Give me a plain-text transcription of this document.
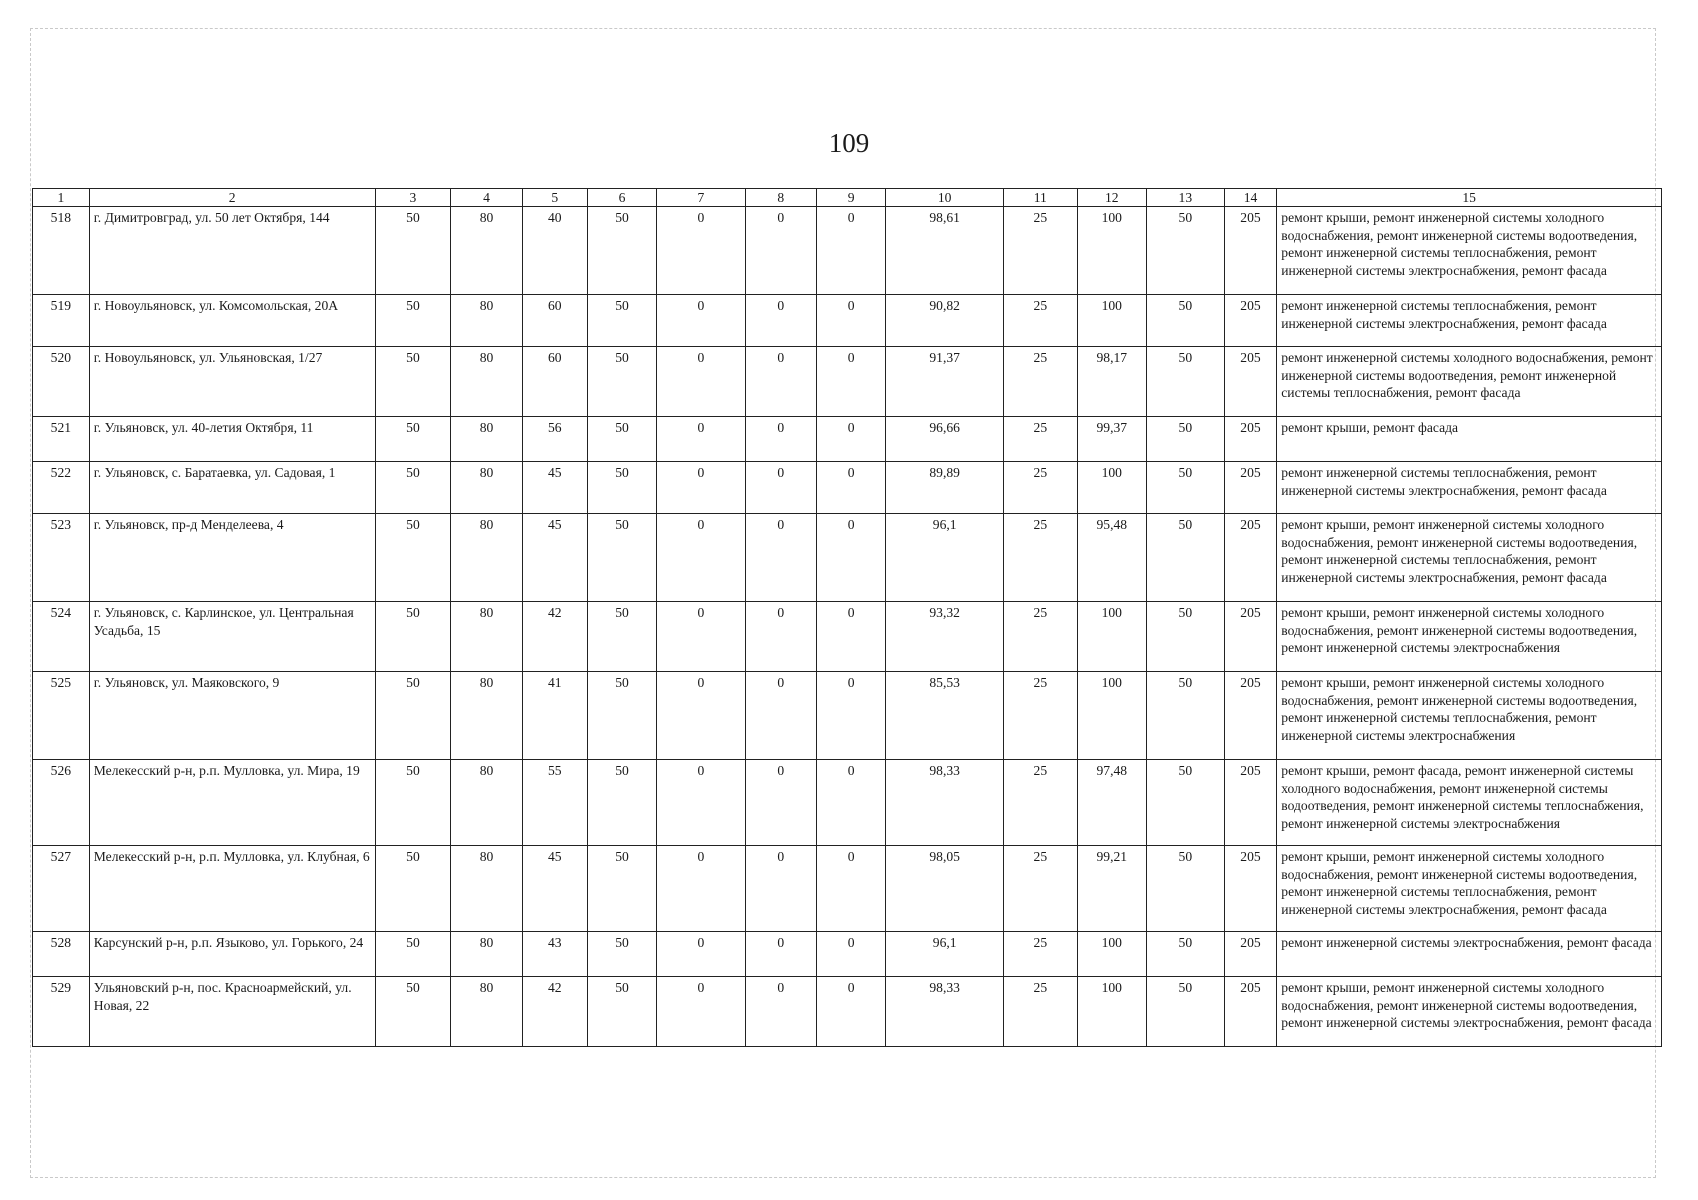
109
1	2	3	4	5	6	7	8	9	10	11	12	13	14	15
518	г. Димитровград, ул. 50 лет Октября, 144	50	80	40	50	0	0	0	98,61	25	100	50	205	ремонт крыши, ремонт инженерной системы холодного водоснабжения, ремонт инженерной системы водоотведения, ремонт инженерной системы теплоснабжения, ремонт инженерной системы электроснабжения, ремонт фасада
519	г. Новоульяновск, ул. Комсомольская, 20А	50	80	60	50	0	0	0	90,82	25	100	50	205	ремонт инженерной системы теплоснабжения, ремонт инженерной системы электроснабжения, ремонт фасада
520	г. Новоульяновск, ул. Ульяновская, 1/27	50	80	60	50	0	0	0	91,37	25	98,17	50	205	ремонт инженерной системы холодного водоснабжения, ремонт инженерной системы водоотведения, ремонт инженерной системы теплоснабжения, ремонт фасада
521	г. Ульяновск, ул. 40-летия Октября, 11	50	80	56	50	0	0	0	96,66	25	99,37	50	205	ремонт крыши, ремонт фасада
522	г. Ульяновск, с. Баратаевка, ул. Садовая, 1	50	80	45	50	0	0	0	89,89	25	100	50	205	ремонт инженерной системы теплоснабжения, ремонт инженерной системы электроснабжения, ремонт фасада
523	г. Ульяновск, пр-д Менделеева, 4	50	80	45	50	0	0	0	96,1	25	95,48	50	205	ремонт крыши, ремонт инженерной системы холодного водоснабжения, ремонт инженерной системы водоотведения, ремонт инженерной системы теплоснабжения, ремонт инженерной системы электроснабжения, ремонт фасада
524	г. Ульяновск, с. Карлинское, ул. Центральная Усадьба, 15	50	80	42	50	0	0	0	93,32	25	100	50	205	ремонт крыши, ремонт инженерной системы холодного водоснабжения, ремонт инженерной системы водоотведения, ремонт инженерной системы электроснабжения
525	г. Ульяновск, ул. Маяковского, 9	50	80	41	50	0	0	0	85,53	25	100	50	205	ремонт крыши, ремонт инженерной системы холодного водоснабжения, ремонт инженерной системы водоотведения, ремонт инженерной системы теплоснабжения, ремонт инженерной системы электроснабжения
526	Мелекесский р-н, р.п. Мулловка, ул. Мира, 19	50	80	55	50	0	0	0	98,33	25	97,48	50	205	ремонт крыши, ремонт фасада, ремонт инженерной системы холодного водоснабжения, ремонт инженерной системы водоотведения, ремонт инженерной системы теплоснабжения, ремонт инженерной системы электроснабжения
527	Мелекесский р-н, р.п. Мулловка, ул. Клубная, 6	50	80	45	50	0	0	0	98,05	25	99,21	50	205	ремонт крыши, ремонт инженерной системы холодного водоснабжения, ремонт инженерной системы водоотведения, ремонт инженерной системы теплоснабжения, ремонт инженерной системы электроснабжения, ремонт фасада
528	Карсунский р-н, р.п. Языково, ул. Горького, 24	50	80	43	50	0	0	0	96,1	25	100	50	205	ремонт инженерной системы электроснабжения, ремонт фасада
529	Ульяновский р-н, пос. Красноармейский, ул. Новая, 22	50	80	42	50	0	0	0	98,33	25	100	50	205	ремонт крыши, ремонт инженерной системы холодного водоснабжения, ремонт инженерной системы водоотведения, ремонт инженерной системы электроснабжения, ремонт фасада
